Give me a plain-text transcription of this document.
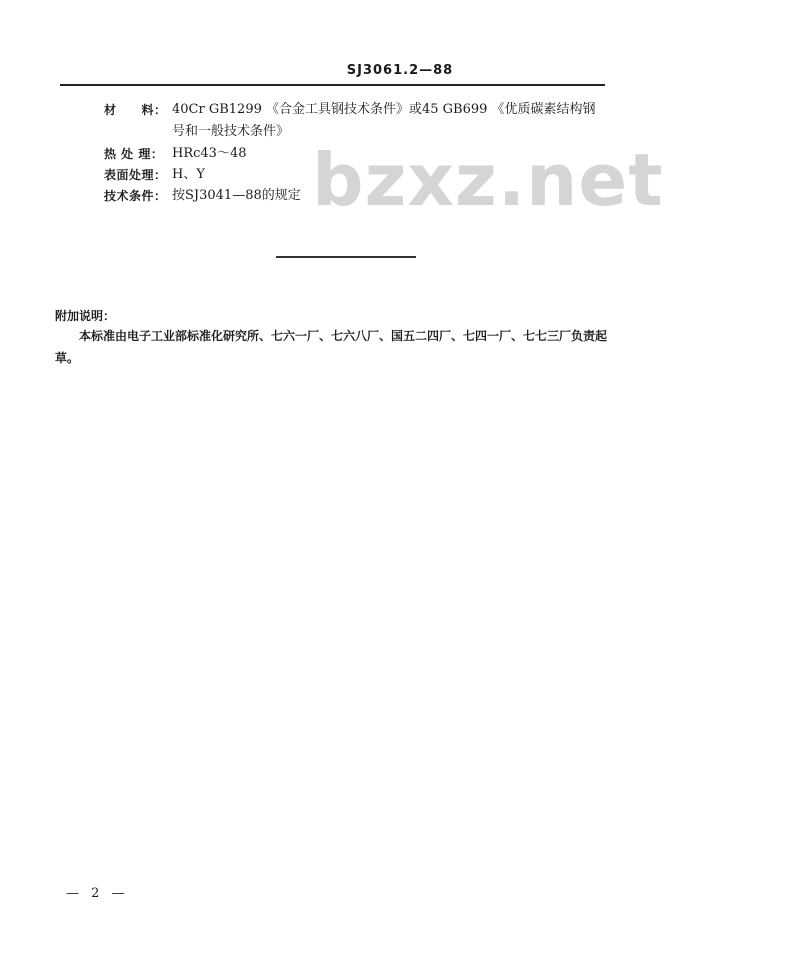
SJ3061.2—88
材　　料： 40Cr GB1299 《合金工具钢技术条件》或45 GB699 《优质碳素结构钢号和一般技术条件》
热 处 理： HRc43～48
表面处理： H、Y
技术条件： 按SJ3041—88的规定 bzxz.net
附加说明：
本标准由电子工业部标准化研究所、七六一厂、七六八厂、国五二四厂、七四一厂、七七三厂负责起草。
— 2 —
